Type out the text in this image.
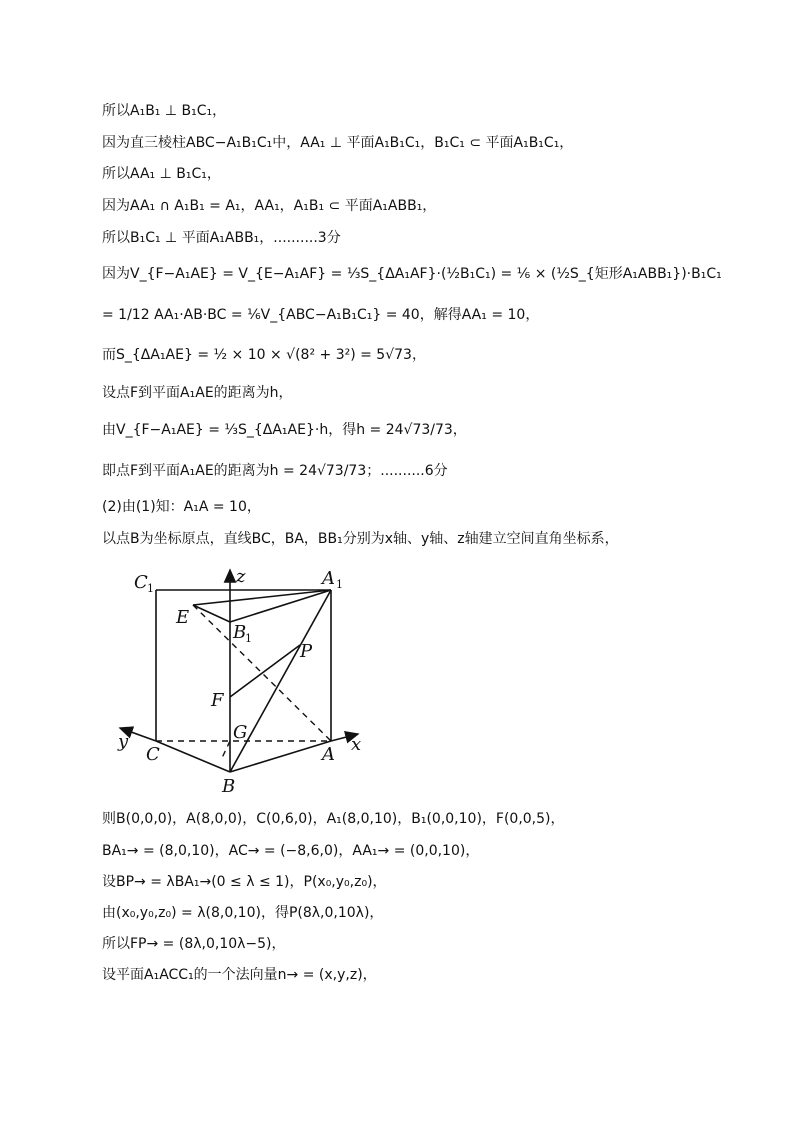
所以A₁B₁ ⊥ B₁C₁，
因为直三棱柱ABC−A₁B₁C₁中，AA₁ ⊥ 平面A₁B₁C₁，B₁C₁ ⊂ 平面A₁B₁C₁，
所以AA₁ ⊥ B₁C₁，
因为AA₁ ∩ A₁B₁ = A₁，AA₁，A₁B₁ ⊂ 平面A₁ABB₁，
所以B₁C₁ ⊥ 平面A₁ABB₁，..........3分
因为V_{F−A₁AE} = V_{E−A₁AF} = ⅓S_{ΔA₁AF}·(½B₁C₁) = ⅙ × (½S_{矩形A₁ABB₁})·B₁C₁
= 1/12 AA₁·AB·BC = ⅙V_{ABC−A₁B₁C₁} = 40，解得AA₁ = 10，
而S_{ΔA₁AE} = ½ × 10 × √(8² + 3²) = 5√73，
设点F到平面A₁AE的距离为h，
由V_{F−A₁AE} = ⅓S_{ΔA₁AE}·h，得h = 24√73/73，
即点F到平面A₁AE的距离为h = 24√73/73；..........6分
(2)由(1)知：A₁A = 10，
以点B为坐标原点，直线BC，BA，BB₁分别为x轴、y轴、z轴建立空间直角坐标系，
C 1
z	A 1
E
B
1
P
F
G
y
C	x
A
B
则B(0,0,0)，A(8,0,0)，C(0,6,0)，A₁(8,0,10)，B₁(0,0,10)，F(0,0,5)，
BA₁→ = (8,0,10)，AC→ = (−8,6,0)，AA₁→ = (0,0,10)，
设BP→ = λBA₁→(0 ≤ λ ≤ 1)，P(x₀,y₀,z₀)，
由(x₀,y₀,z₀) = λ(8,0,10)，得P(8λ,0,10λ)，
所以FP→ = (8λ,0,10λ−5)，
设平面A₁ACC₁的一个法向量n→ = (x,y,z)，
